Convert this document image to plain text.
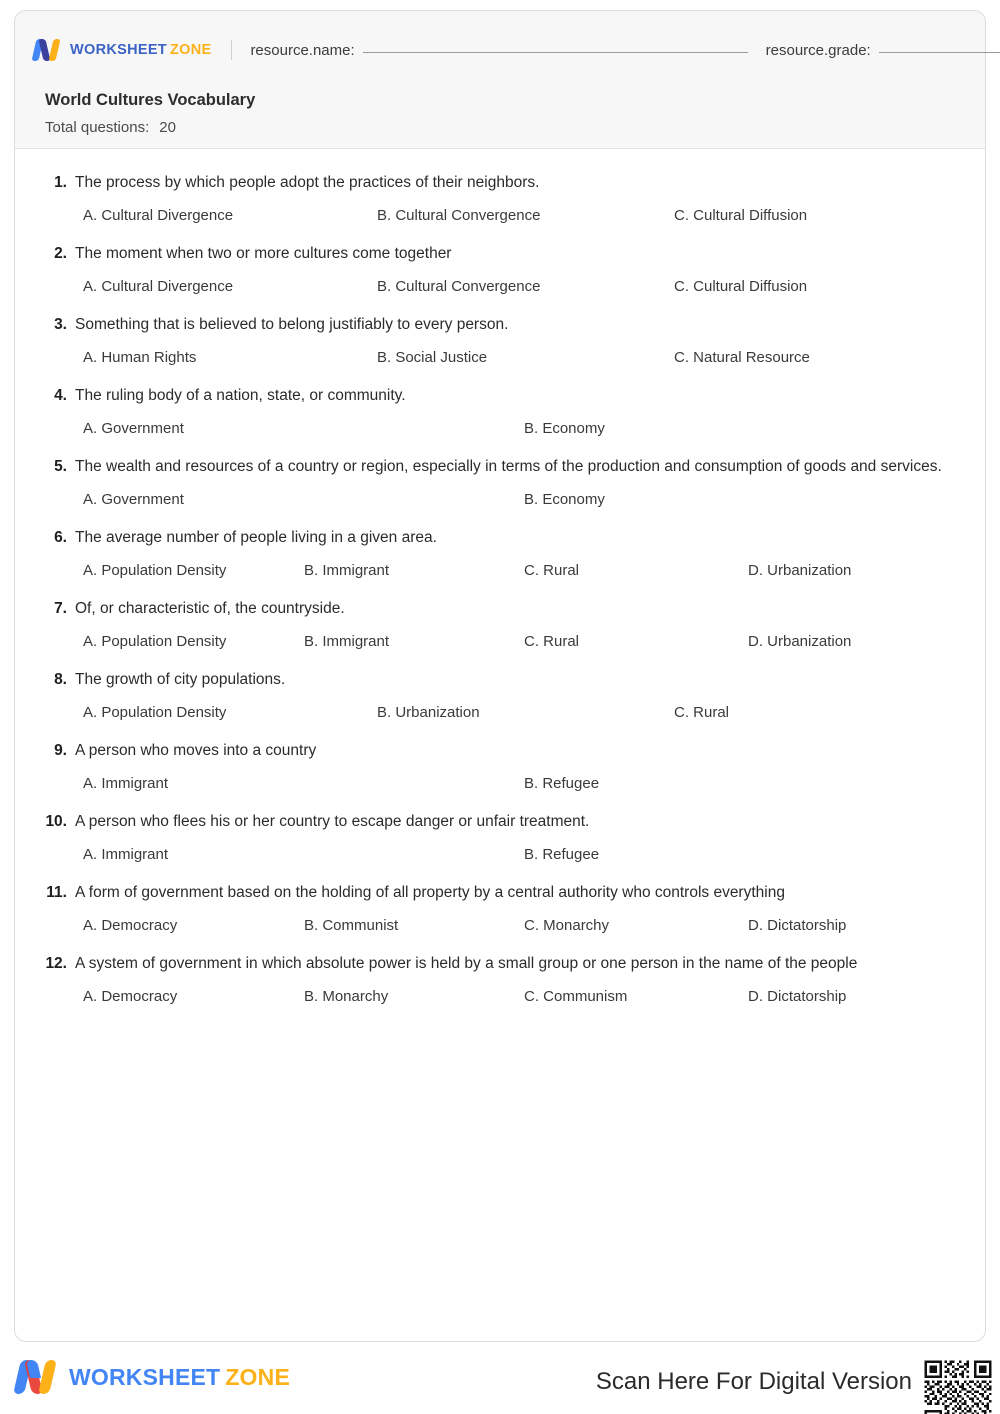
WORKSHEET ZONE	resource.name:	resource.grade:
World Cultures Vocabulary
Total questions: 20
1. The process by which people adopt the practices of their neighbors.
A. Cultural Divergence	B. Cultural Convergence	C. Cultural Diffusion
2. The moment when two or more cultures come together
A. Cultural Divergence	B. Cultural Convergence	C. Cultural Diffusion
3. Something that is believed to belong justifiably to every person.
A. Human Rights	B. Social Justice	C. Natural Resource
4. The ruling body of a nation, state, or community.
A. Government	B. Economy
5. The wealth and resources of a country or region, especially in terms of the production and consumption of goods and services.
A. Government	B. Economy
6. The average number of people living in a given area.
A. Population Density	B. Immigrant	C. Rural	D. Urbanization
7. Of, or characteristic of, the countryside.
A. Population Density	B. Immigrant	C. Rural	D. Urbanization
8. The growth of city populations.
A. Population Density	B. Urbanization	C. Rural
9. A person who moves into a country
A. Immigrant	B. Refugee
10. A person who flees his or her country to escape danger or unfair treatment.
A. Immigrant	B. Refugee
11. A form of government based on the holding of all property by a central authority who controls everything
A. Democracy	B. Communist	C. Monarchy	D. Dictatorship
12. A system of government in which absolute power is held by a small group or one person in the name of the people
A. Democracy	B. Monarchy	C. Communism	D. Dictatorship
WORKSHEET ZONE	Scan Here For Digital Version
